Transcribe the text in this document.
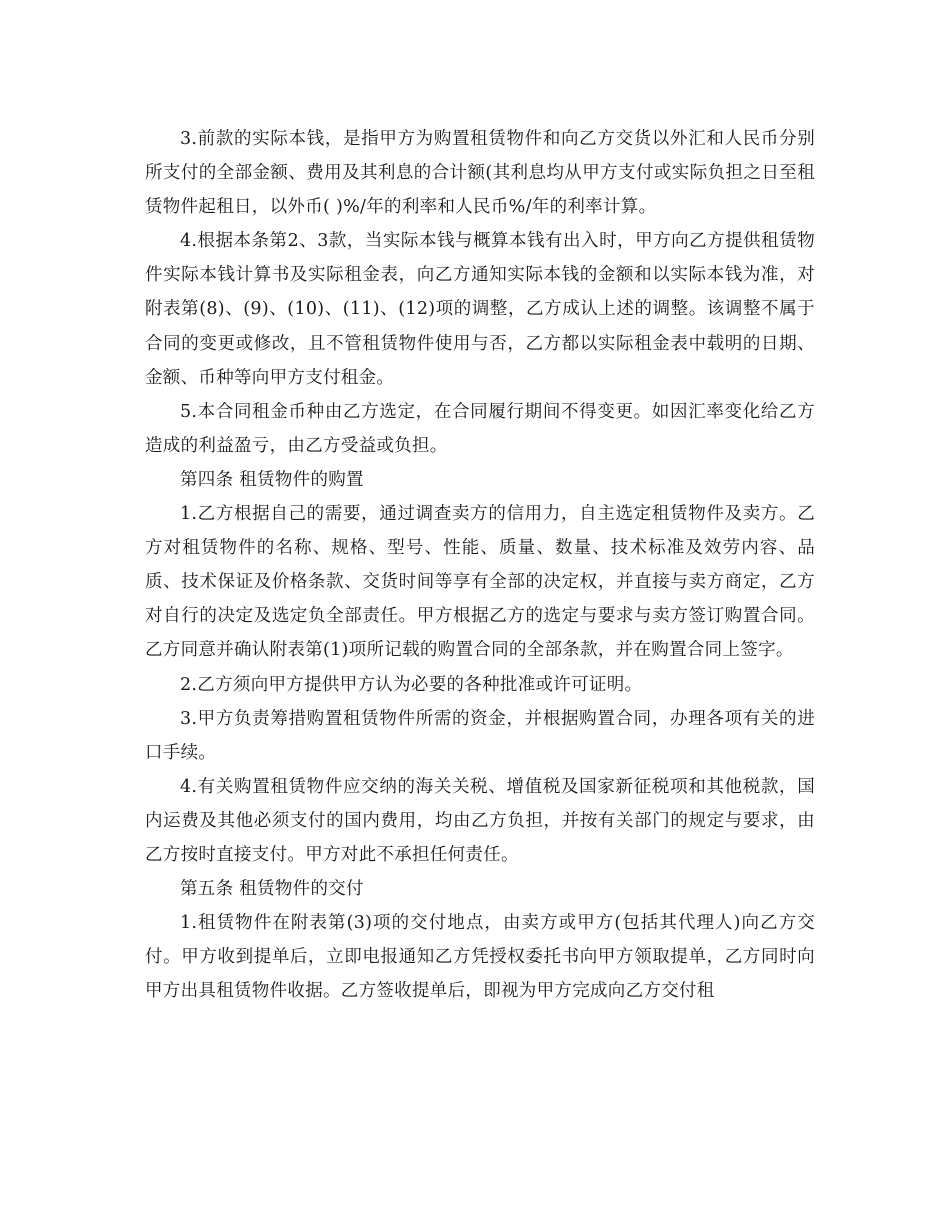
3.前款的实际本钱，是指甲方为购置租赁物件和向乙方交货以外汇和人民币分别所支付的全部金额、费用及其利息的合计额(其利息均从甲方支付或实际负担之日至租赁物件起租日，以外币( )%/年的利率和人民币%/年的利率计算。

4.根据本条第2、3款，当实际本钱与概算本钱有出入时，甲方向乙方提供租赁物件实际本钱计算书及实际租金表，向乙方通知实际本钱的金额和以实际本钱为准，对附表第(8)、(9)、(10)、(11)、(12)项的调整，乙方成认上述的调整。该调整不属于合同的变更或修改，且不管租赁物件使用与否，乙方都以实际租金表中载明的日期、金额、币种等向甲方支付租金。

5.本合同租金币种由乙方选定，在合同履行期间不得变更。如因汇率变化给乙方造成的利益盈亏，由乙方受益或负担。

第四条 租赁物件的购置

1.乙方根据自己的需要，通过调查卖方的信用力，自主选定租赁物件及卖方。乙方对租赁物件的名称、规格、型号、性能、质量、数量、技术标准及效劳内容、品质、技术保证及价格条款、交货时间等享有全部的决定权，并直接与卖方商定，乙方对自行的决定及选定负全部责任。甲方根据乙方的选定与要求与卖方签订购置合同。乙方同意并确认附表第(1)项所记载的购置合同的全部条款，并在购置合同上签字。

2.乙方须向甲方提供甲方认为必要的各种批准或许可证明。

3.甲方负责筹措购置租赁物件所需的资金，并根据购置合同，办理各项有关的进口手续。

4.有关购置租赁物件应交纳的海关关税、增值税及国家新征税项和其他税款，国内运费及其他必须支付的国内费用，均由乙方负担，并按有关部门的规定与要求，由乙方按时直接支付。甲方对此不承担任何责任。

第五条 租赁物件的交付

1.租赁物件在附表第(3)项的交付地点，由卖方或甲方(包括其代理人)向乙方交付。甲方收到提单后，立即电报通知乙方凭授权委托书向甲方领取提单，乙方同时向甲方出具租赁物件收据。乙方签收提单后，即视为甲方完成向乙方交付租
